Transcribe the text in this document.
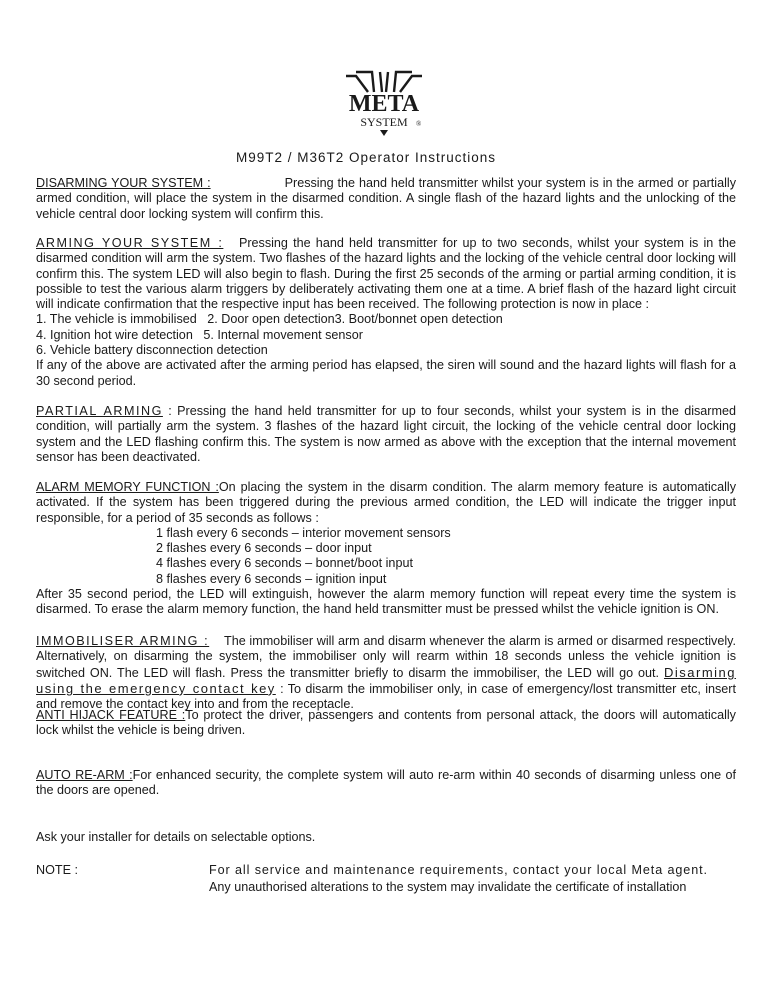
META
SYSTEM ®
M99T2 / M36T2 Operator Instructions

DISARMING YOUR SYSTEM :	Pressing the hand held transmitter whilst your system is in the armed or partially armed condition, will place the system in the disarmed condition. A single flash of the hazard lights and the unlocking of the vehicle central door locking system will confirm this.

ARMING YOUR SYSTEM : Pressing the hand held transmitter for up to two seconds, whilst your system is in the disarmed condition will arm the system. Two flashes of the hazard lights and the locking of the vehicle central door locking will confirm this. The system LED will also begin to flash. During the first 25 seconds of the arming or partial arming condition, it is possible to test the various alarm triggers by deliberately activating them one at a time. A brief flash of the hazard light circuit will indicate confirmation that the respective input has been received. The following protection is now in place :

1. The vehicle is immobilised   2. Door open detection3. Boot/bonnet open detection

4. Ignition hot wire detection   5. Internal movement sensor

6. Vehicle battery disconnection detection

If any of the above are activated after the arming period has elapsed, the siren will sound and the hazard lights will flash for a 30 second period.

PARTIAL ARMING : Pressing the hand held transmitter for up to four seconds, whilst your system is in the disarmed condition, will partially arm the system. 3 flashes of the hazard light circuit, the locking of the vehicle central door locking system and the LED flashing confirm this. The system is now armed as above with the exception that the internal movement sensor has been deactivated.

ALARM MEMORY FUNCTION :On placing the system in the disarm condition. The alarm memory feature is automatically activated. If the system has been triggered during the previous armed condition, the LED will indicate the trigger input responsible, for a period of 35 seconds as follows :

1 flash every 6 seconds – interior movement sensors

2 flashes every 6 seconds – door input

4 flashes every 6 seconds – bonnet/boot input

8 flashes every 6 seconds – ignition input

After 35 second period, the LED will extinguish, however the alarm memory function will repeat every time the system is disarmed. To erase the alarm memory function, the hand held transmitter must be pressed whilst the vehicle ignition is ON.

IMMOBILISER ARMING : The immobiliser will arm and disarm whenever the alarm is armed or disarmed respectively. Alternatively, on disarming the system, the immobiliser only will rearm within 18 seconds unless the vehicle ignition is switched ON. The LED will flash. Press the transmitter briefly to disarm the immobiliser, the LED will go out. Disarming using the emergency contact key : To disarm the immobiliser only, in case of emergency/lost transmitter etc, insert and remove the contact key into and from the receptacle.

ANTI HIJACK FEATURE :To protect the driver, passengers and contents from personal attack, the doors will automatically lock whilst the vehicle is being driven.

AUTO RE-ARM :For enhanced security, the complete system will auto re-arm within 40 seconds of disarming unless one of the doors are opened.

Ask your installer for details on selectable options.
NOTE :	For all service and maintenance requirements, contact your local Meta agent.
Any unauthorised alterations to the system may invalidate the certificate of installation
